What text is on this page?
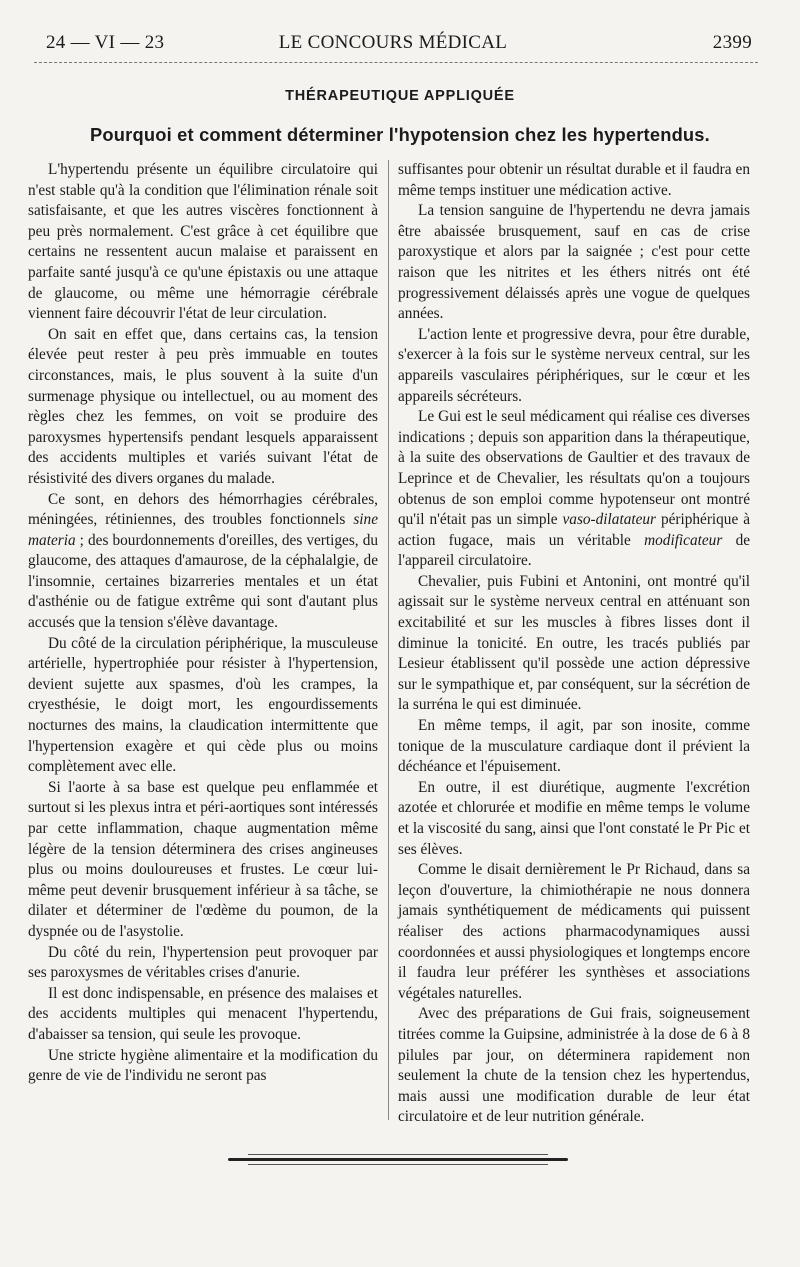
24 — VI — 23	LE CONCOURS MÉDICAL	2399
THÉRAPEUTIQUE APPLIQUÉE
Pourquoi et comment déterminer l'hypotension chez les hypertendus.

L'hypertendu présente un équilibre circulatoire qui n'est stable qu'à la condition que l'élimination rénale soit satisfaisante, et que les autres viscères fonctionnent à peu près normalement. C'est grâce à cet équilibre que certains ne ressentent aucun malaise et paraissent en parfaite santé jusqu'à ce qu'une épistaxis ou une attaque de glaucome, ou même une hémorragie cérébrale viennent faire découvrir l'état de leur circulation.

On sait en effet que, dans certains cas, la tension élevée peut rester à peu près immuable en toutes circonstances, mais, le plus souvent à la suite d'un surmenage physique ou intellectuel, ou au moment des règles chez les femmes, on voit se produire des paroxysmes hypertensifs pendant lesquels apparaissent des accidents multiples et variés suivant l'état de résistivité des divers organes du malade.

Ce sont, en dehors des hémorrhagies cérébrales, méningées, rétiniennes, des troubles fonctionnels sine materia ; des bourdonnements d'oreilles, des vertiges, du glaucome, des attaques d'amaurose, de la céphalalgie, de l'insomnie, certaines bizarreries mentales et un état d'asthénie ou de fatigue extrême qui sont d'autant plus accusés que la tension s'élève davantage.

Du côté de la circulation périphérique, la musculeuse artérielle, hypertrophiée pour résister à l'hypertension, devient sujette aux spasmes, d'où les crampes, la cryesthésie, le doigt mort, les engourdissements nocturnes des mains, la claudication intermittente que l'hypertension exagère et qui cède plus ou moins complètement avec elle.

Si l'aorte à sa base est quelque peu enflammée et surtout si les plexus intra et péri-aortiques sont intéressés par cette inflammation, chaque augmentation même légère de la tension déterminera des crises angineuses plus ou moins douloureuses et frustes. Le cœur lui-même peut devenir brusquement inférieur à sa tâche, se dilater et déterminer de l'œdème du poumon, de la dyspnée ou de l'asystolie.

Du côté du rein, l'hypertension peut provoquer par ses paroxysmes de véritables crises d'anurie.

Il est donc indispensable, en présence des malaises et des accidents multiples qui menacent l'hypertendu, d'abaisser sa tension, qui seule les provoque.

Une stricte hygiène alimentaire et la modification du genre de vie de l'individu ne seront pas

suffisantes pour obtenir un résultat durable et il faudra en même temps instituer une médication active.

La tension sanguine de l'hypertendu ne devra jamais être abaissée brusquement, sauf en cas de crise paroxystique et alors par la saignée ; c'est pour cette raison que les nitrites et les éthers nitrés ont été progressivement délaissés après une vogue de quelques années.

L'action lente et progressive devra, pour être durable, s'exercer à la fois sur le système nerveux central, sur les appareils vasculaires périphériques, sur le cœur et les appareils sécréteurs.

Le Gui est le seul médicament qui réalise ces diverses indications ; depuis son apparition dans la thérapeutique, à la suite des observations de Gaultier et des travaux de Leprince et de Chevalier, les résultats qu'on a toujours obtenus de son emploi comme hypotenseur ont montré qu'il n'était pas un simple vaso-dilatateur périphérique à action fugace, mais un véritable modificateur de l'appareil circulatoire.

Chevalier, puis Fubini et Antonini, ont montré qu'il agissait sur le système nerveux central en atténuant son excitabilité et sur les muscles à fibres lisses dont il diminue la tonicité. En outre, les tracés publiés par Lesieur établissent qu'il possède une action dépressive sur le sympathique et, par conséquent, sur la sécrétion de la surréna le qui est diminuée.

En même temps, il agit, par son inosite, comme tonique de la musculature cardiaque dont il prévient la déchéance et l'épuisement.

En outre, il est diurétique, augmente l'excrétion azotée et chlorurée et modifie en même temps le volume et la viscosité du sang, ainsi que l'ont constaté le Pr Pic et ses élèves.

Comme le disait dernièrement le Pr Richaud, dans sa leçon d'ouverture, la chimiothérapie ne nous donnera jamais synthétiquement de médicaments qui puissent réaliser des actions pharmacodynamiques aussi coordonnées et aussi physiologiques et longtemps encore il faudra leur préférer les synthèses et associations végétales naturelles.

Avec des préparations de Gui frais, soigneusement titrées comme la Guipsine, administrée à la dose de 6 à 8 pilules par jour, on déterminera rapidement non seulement la chute de la tension chez les hypertendus, mais aussi une modification durable de leur état circulatoire et de leur nutrition générale.
